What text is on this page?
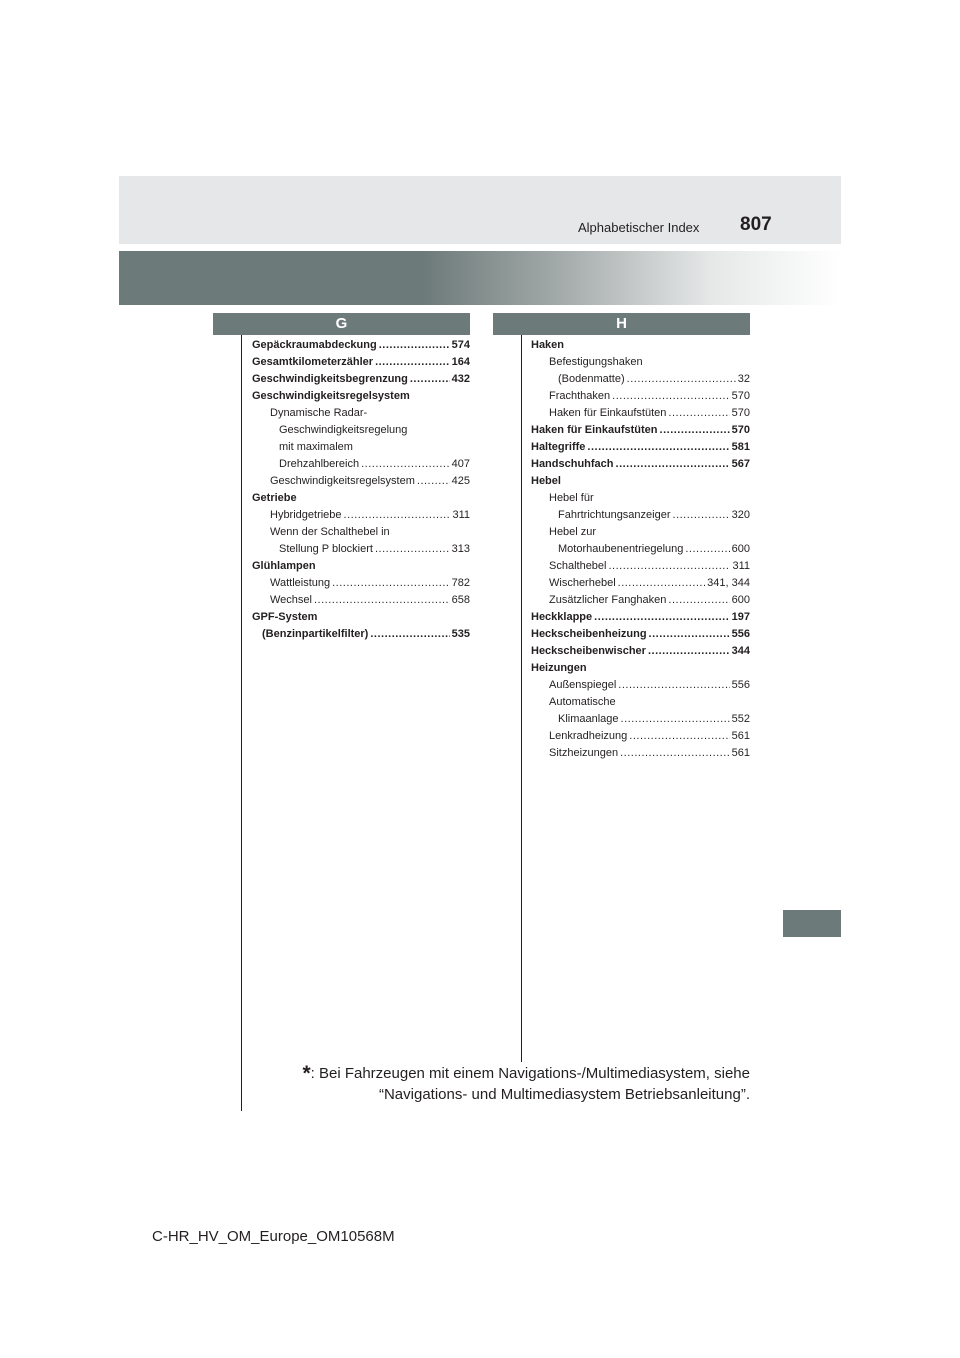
Alphabetischer Index 807
G	H
Gepäckraumabdeckung .....	574
Gesamtkilometerzähler .....	164
Geschwindigkeitsbegrenzung .....	432
Geschwindigkeitsregelsystem
Dynamische Radar-
Geschwindigkeitsregelung
mit maximalem
Drehzahlbereich .....	407
Geschwindigkeitsregelsystem .....	425
Getriebe
Hybridgetriebe .....	311
Wenn der Schalthebel in
Stellung P blockiert .....	313
Glühlampen
Wattleistung .....	782
Wechsel .....	658
GPF-System
(Benzinpartikelfilter) .....	535
Haken
Befestigungshaken
(Bodenmatte) .....	32
Frachthaken .....	570
Haken für Einkaufstüten .....	570
Haken für Einkaufstüten .....	570
Haltegriffe .....	581
Handschuhfach .....	567
Hebel
Hebel für
Fahrtrichtungsanzeiger .....	320
Hebel zur
Motorhaubenentriegelung .....	600
Schalthebel .....	311
Wischerhebel .....	341, 344
Zusätzlicher Fanghaken .....	600
Heckklappe .....	197
Heckscheibenheizung .....	556
Heckscheibenwischer .....	344
Heizungen
Außenspiegel .....	556
Automatische
Klimaanlage .....	552
Lenkradheizung .....	561
Sitzheizungen .....	561
*: Bei Fahrzeugen mit einem Navigations-/Multimediasystem, siehe
“Navigations- und Multimediasystem Betriebsanleitung”.
C-HR_HV_OM_Europe_OM10568M
